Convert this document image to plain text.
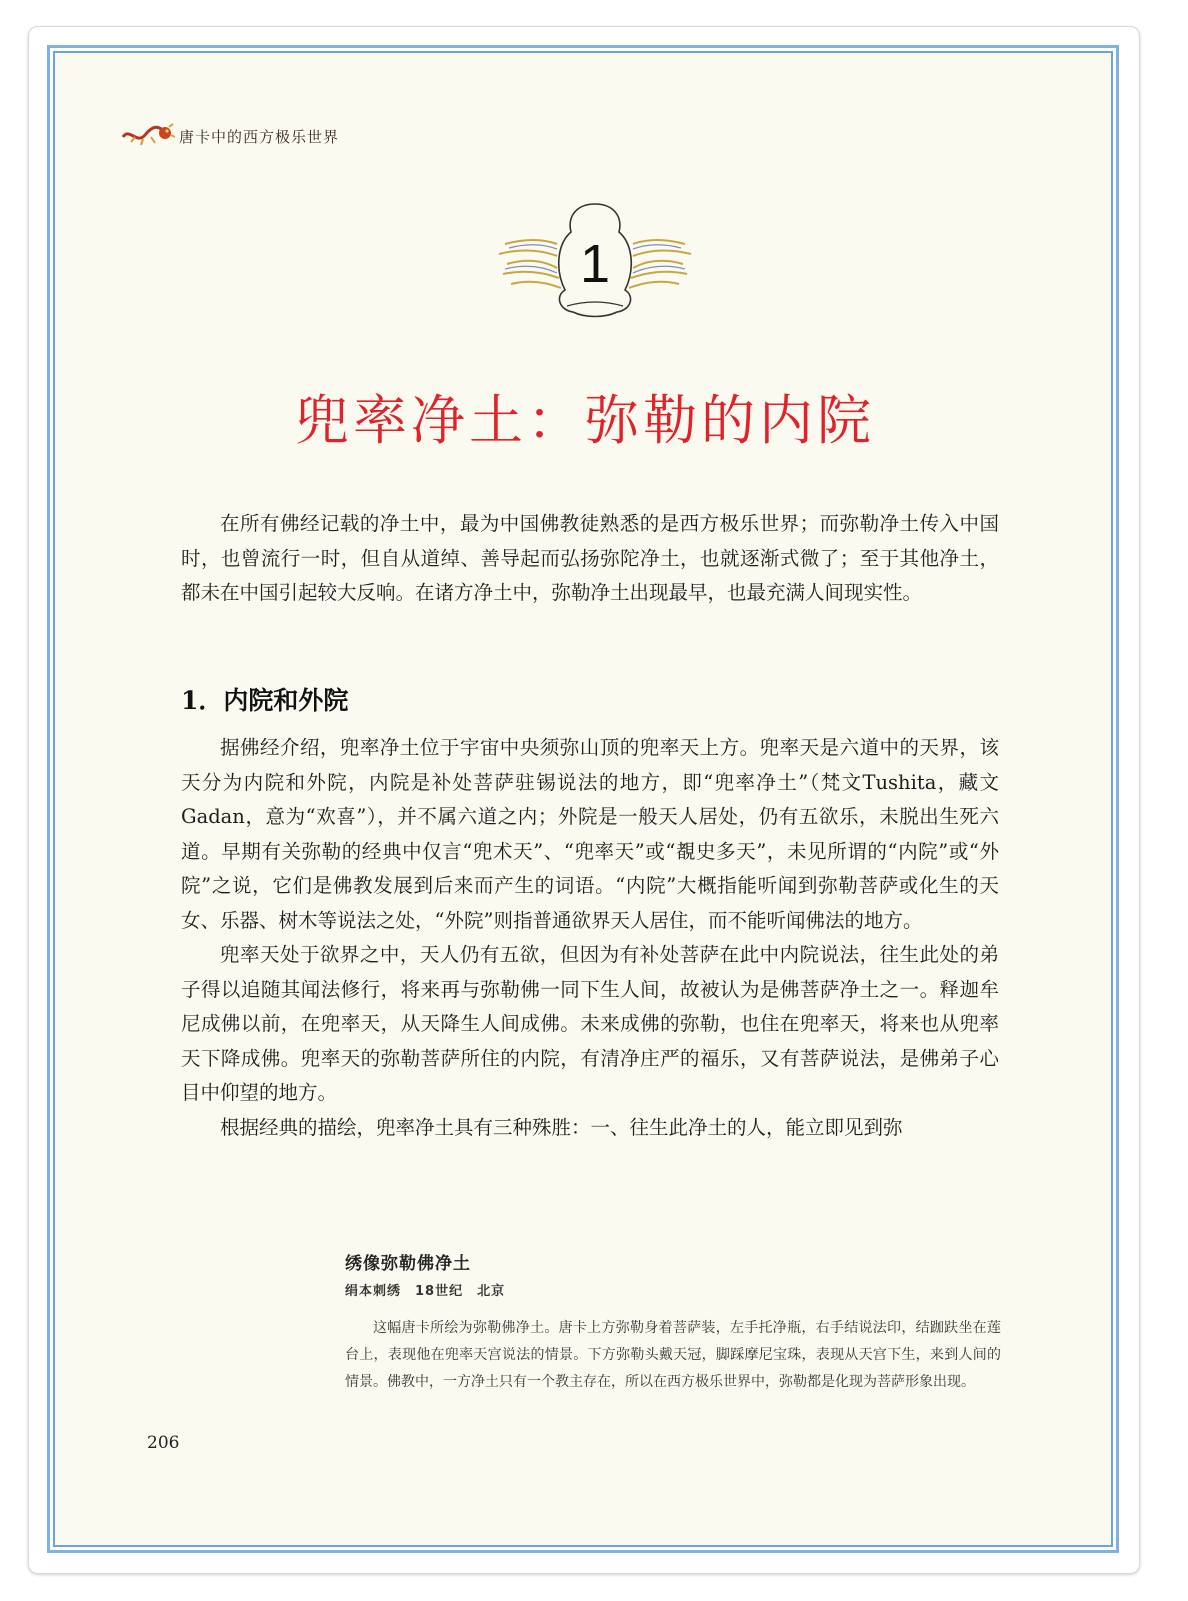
唐卡中的西方极乐世界
1
兜率净土：弥勒的内院

在所有佛经记载的净土中，最为中国佛教徒熟悉的是西方极乐世界；而弥勒净土传入中国时，也曾流行一时，但自从道绰、善导起而弘扬弥陀净土，也就逐渐式微了；至于其他净土，都未在中国引起较大反响。在诸方净土中，弥勒净土出现最早，也最充满人间现实性。

1．内院和外院

据佛经介绍，兜率净土位于宇宙中央须弥山顶的兜率天上方。兜率天是六道中的天界，该天分为内院和外院，内院是补处菩萨驻锡说法的地方，即“兜率净土”（梵文Tushita，藏文Gadan，意为“欢喜”），并不属六道之内；外院是一般天人居处，仍有五欲乐，未脱出生死六道。早期有关弥勒的经典中仅言“兜术天”、“兜率天”或“覩史多天”，未见所谓的“内院”或“外院”之说，它们是佛教发展到后来而产生的词语。“内院”大概指能听闻到弥勒菩萨或化生的天女、乐器、树木等说法之处，“外院”则指普通欲界天人居住，而不能听闻佛法的地方。

兜率天处于欲界之中，天人仍有五欲，但因为有补处菩萨在此中内院说法，往生此处的弟子得以追随其闻法修行，将来再与弥勒佛一同下生人间，故被认为是佛菩萨净土之一。释迦牟尼成佛以前，在兜率天，从天降生人间成佛。未来成佛的弥勒，也住在兜率天，将来也从兜率天下降成佛。兜率天的弥勒菩萨所住的内院，有清净庄严的福乐，又有菩萨说法，是佛弟子心目中仰望的地方。

根据经典的描绘，兜率净土具有三种殊胜：一、往生此净土的人，能立即见到弥

绣像弥勒佛净土
绢本刺绣　18世纪　北京
这幅唐卡所绘为弥勒佛净土。唐卡上方弥勒身着菩萨装，左手托净瓶，右手结说法印，结跏趺坐在莲台上，表现他在兜率天宫说法的情景。下方弥勒头戴天冠，脚踩摩尼宝珠，表现从天宫下生，来到人间的情景。佛教中，一方净土只有一个教主存在，所以在西方极乐世界中，弥勒都是化现为菩萨形象出现。
206
